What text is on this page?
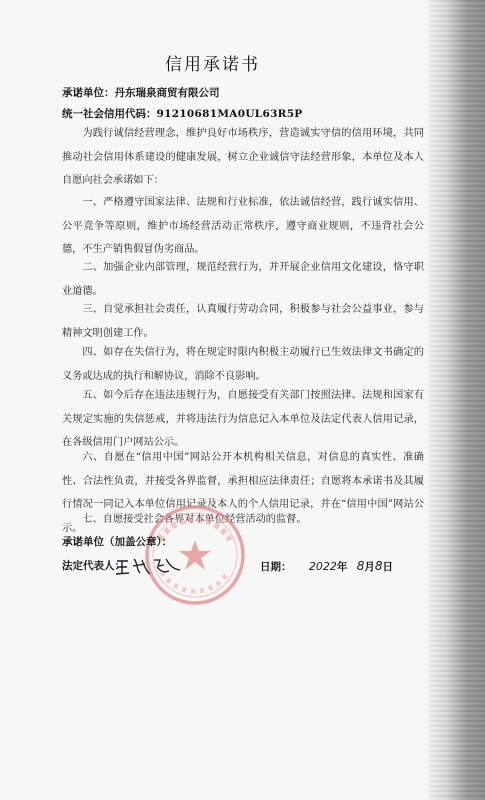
信用承诺书
承诺单位：丹东瑞泉商贸有限公司
统一社会信用代码：91210681MA0UL63R5P
为践行诚信经营理念，维护良好市场秩序，营造诚实守信的信用环境，共同推动社会信用体系建设的健康发展，树立企业诚信守法经营形象，本单位及本人自愿向社会承诺如下：
一、严格遵守国家法律、法规和行业标准，依法诚信经营，践行诚实信用、公平竞争等原则，维护市场经营活动正常秩序，遵守商业规则，不违背社会公德，不生产销售假冒伪劣商品。
二、加强企业内部管理，规范经营行为，并开展企业信用文化建设，恪守职业道德。
三、自觉承担社会责任，认真履行劳动合同，积极参与社会公益事业，参与精神文明创建工作。
四、如存在失信行为，将在规定时限内积极主动履行已生效法律文书确定的义务或达成的执行和解协议，消除不良影响。
五、如今后存在违法违规行为，自愿接受有关部门按照法律、法规和国家有关规定实施的失信惩戒，并将违法行为信息记入本单位及法定代表人信用记录，在各级信用门户网站公示。
六、自愿在“信用中国”网站公开本机构相关信息，对信息的真实性、准确性、合法性负责，并接受各界监督，承担相应法律责任；自愿将本承诺书及其履行情况一同记入本单位信用记录及本人的个人信用记录，并在“信用中国”网站公示。
七、自愿接受社会各界对本单位经营活动的监督。
承诺单位（加盖公章）：
法定代表人：	日期： 2022年 8月8日
